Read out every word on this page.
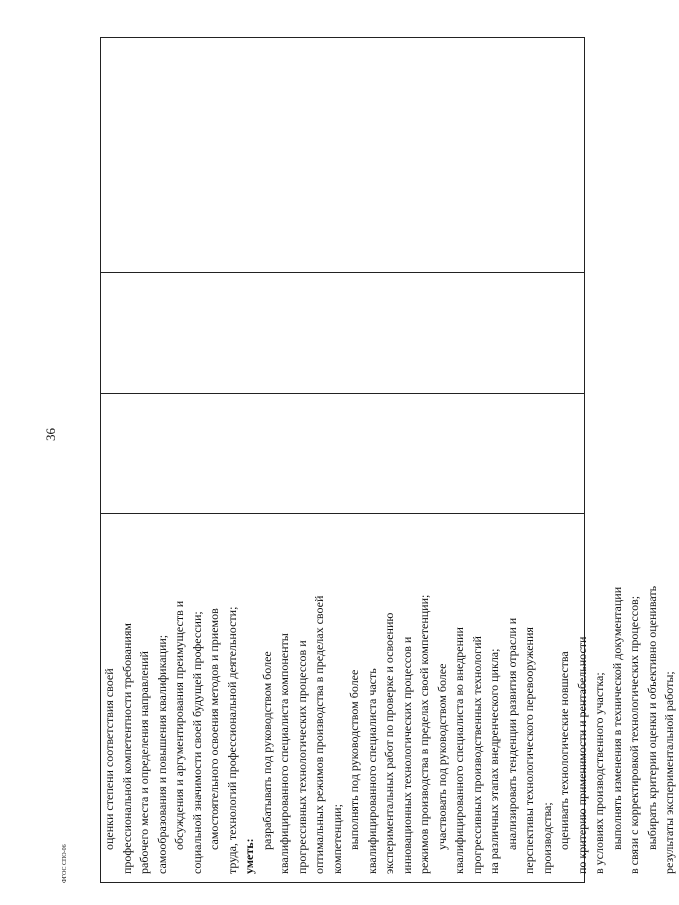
36
оценки степени соответствия своей профессиональной компетентности требованиям рабочего места и определения направлений самообразования и повышения квалификации; обсуждения и аргументирования преимуществ и социальной значимости своей будущей профессии; самостоятельного освоения методов и приемов труда, технологий профессиональной деятельности; уметь:
разрабатывать под руководством более квалифицированного специалиста компоненты прогрессивных технологических процессов и оптимальных режимов производства в пределах своей компетенции; выполнять под руководством более квалифицированного специалиста часть экспериментальных работ по проверке и освоению инновационных технологических процессов и режимов производства в пределах своей компетенции; участвовать под руководством более квалифицированного специалиста во внедрении прогрессивных производственных технологий на различных этапах внедренческого цикла; анализировать тенденции развития отрасли и перспективы технологического перевооружения производства; оценивать технологические новшества по критерию применимости и рентабельности в условиях производственного участка; выполнять изменения в технической документации в связи с корректировкой технологических процессов; выбирать критерии оценки и объективно оценивать результаты экспериментальной работы;
ФГОС СПО-06
